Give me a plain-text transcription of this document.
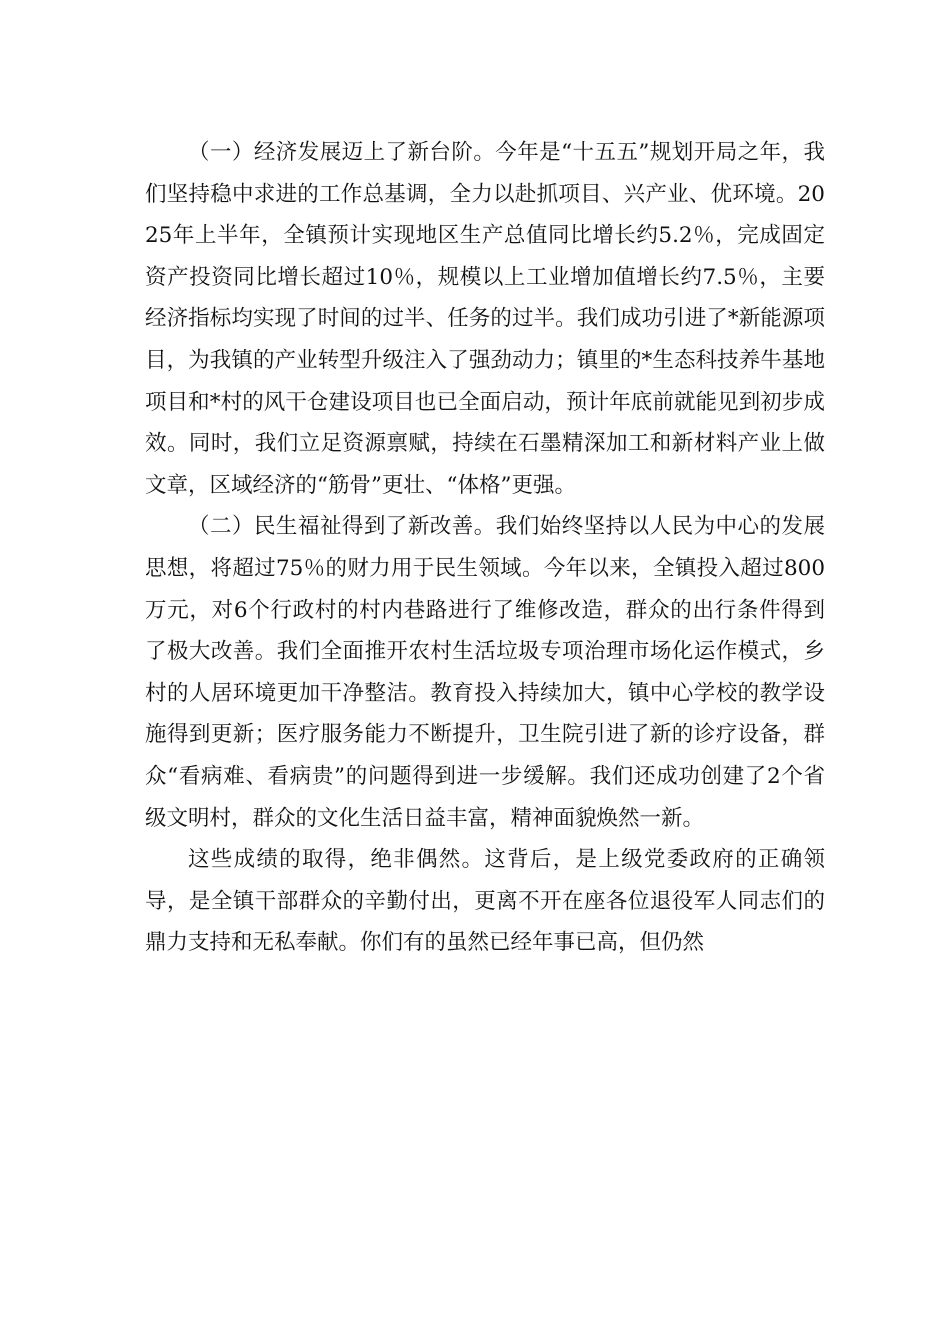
（一）经济发展迈上了新台阶。今年是“十五五”规划开局之年，我们坚持稳中求进的工作总基调，全力以赴抓项目、兴产业、优环境。2025年上半年，全镇预计实现地区生产总值同比增长约5.2％，完成固定资产投资同比增长超过10％，规模以上工业增加值增长约7.5％，主要经济指标均实现了时间的过半、任务的过半。我们成功引进了*新能源项目，为我镇的产业转型升级注入了强劲动力；镇里的*生态科技养牛基地项目和*村的风干仓建设项目也已全面启动，预计年底前就能见到初步成效。同时，我们立足资源禀赋，持续在石墨精深加工和新材料产业上做文章，区域经济的“筋骨”更壮、“体格”更强。

（二）民生福祉得到了新改善。我们始终坚持以人民为中心的发展思想，将超过75％的财力用于民生领域。今年以来，全镇投入超过800万元，对6个行政村的村内巷路进行了维修改造，群众的出行条件得到了极大改善。我们全面推开农村生活垃圾专项治理市场化运作模式，乡村的人居环境更加干净整洁。教育投入持续加大，镇中心学校的教学设施得到更新；医疗服务能力不断提升，卫生院引进了新的诊疗设备，群众“看病难、看病贵”的问题得到进一步缓解。我们还成功创建了2个省级文明村，群众的文化生活日益丰富，精神面貌焕然一新。

这些成绩的取得，绝非偶然。这背后，是上级党委政府的正确领导，是全镇干部群众的辛勤付出，更离不开在座各位退役军人同志们的鼎力支持和无私奉献。你们有的虽然已经年事已高，但仍然
